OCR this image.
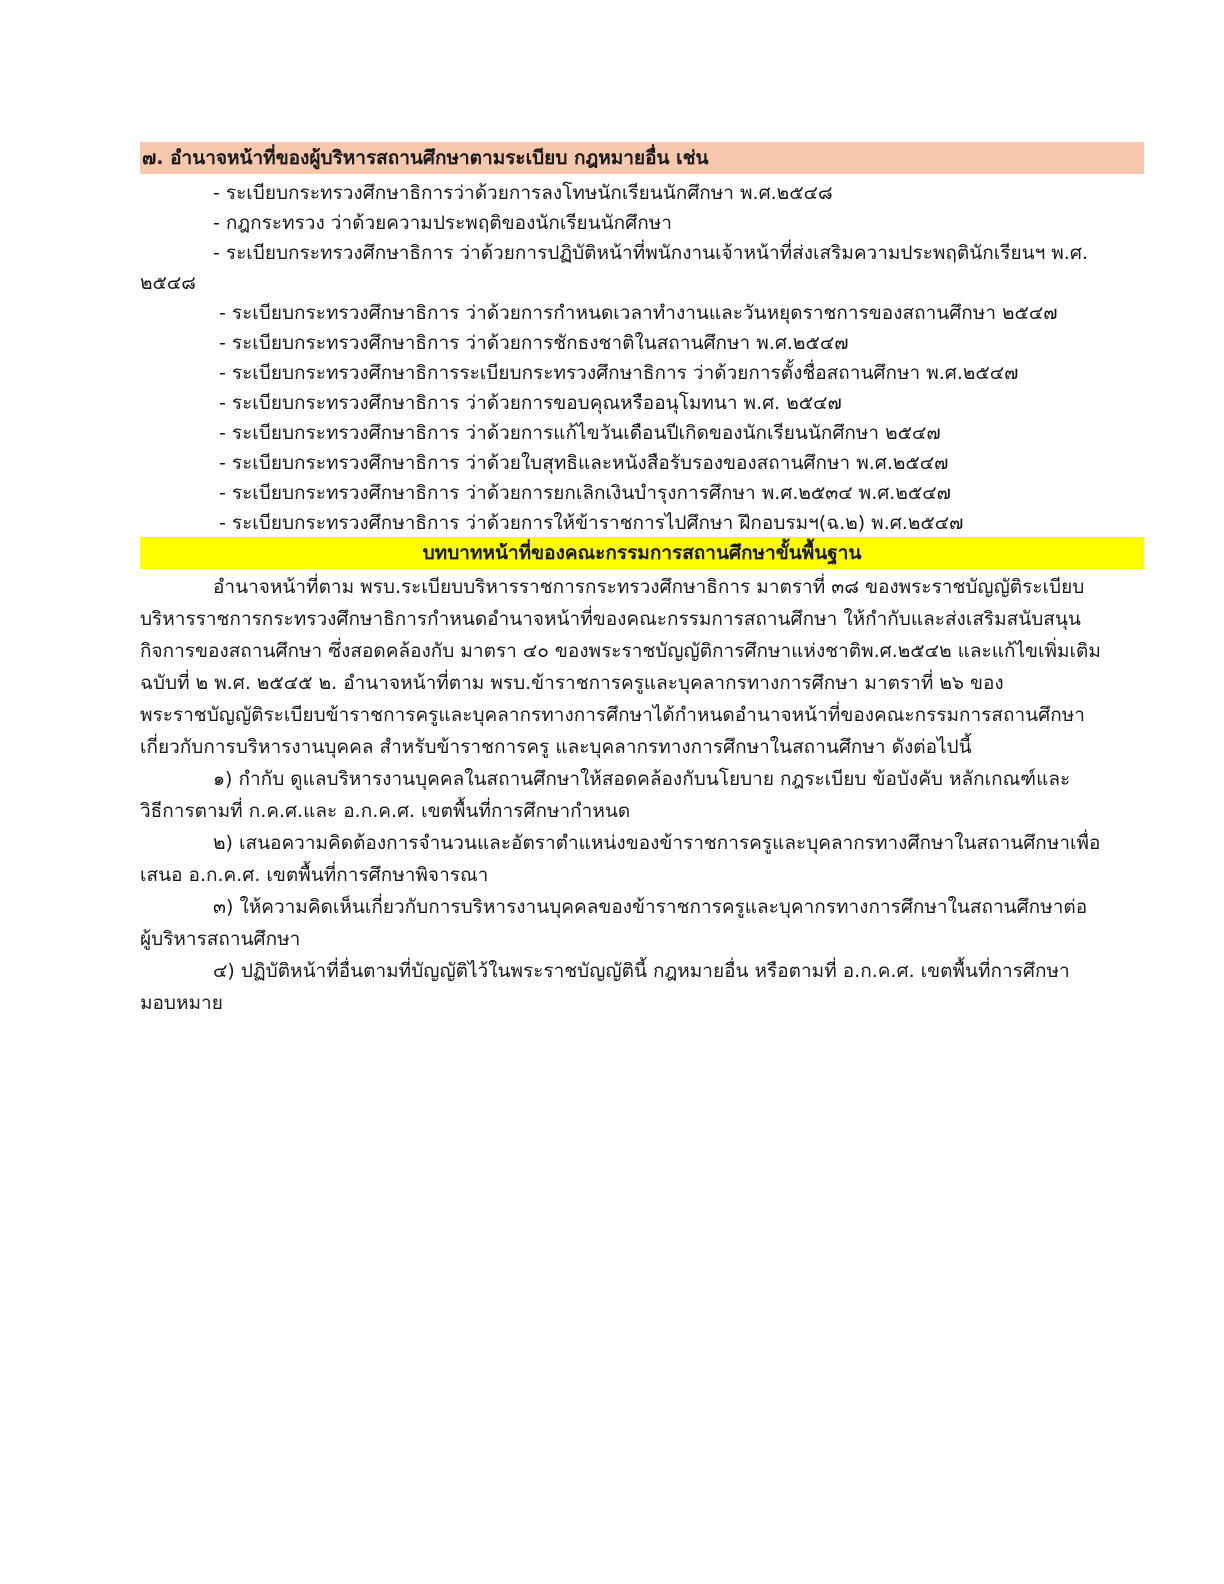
๗. อำนาจหน้าที่ของผู้บริหารสถานศึกษาตามระเบียบ กฎหมายอื่น เช่น
- ระเบียบกระทรวงศึกษาธิการว่าด้วยการลงโทษนักเรียนนักศึกษา พ.ศ.๒๕๔๘
- กฎกระทรวง ว่าด้วยความประพฤติของนักเรียนนักศึกษา
- ระเบียบกระทรวงศึกษาธิการ ว่าด้วยการปฏิบัติหน้าที่พนักงานเจ้าหน้าที่ส่งเสริมความประพฤตินักเรียนฯ พ.ศ.
๒๕๔๘
- ระเบียบกระทรวงศึกษาธิการ ว่าด้วยการกำหนดเวลาทำงานและวันหยุดราชการของสถานศึกษา ๒๕๔๗
- ระเบียบกระทรวงศึกษาธิการ ว่าด้วยการชักธงชาติในสถานศึกษา พ.ศ.๒๕๔๗
- ระเบียบกระทรวงศึกษาธิการระเบียบกระทรวงศึกษาธิการ ว่าด้วยการตั้งชื่อสถานศึกษา พ.ศ.๒๕๔๗
- ระเบียบกระทรวงศึกษาธิการ ว่าด้วยการขอบคุณหรืออนุโมทนา พ.ศ. ๒๕๔๗
- ระเบียบกระทรวงศึกษาธิการ ว่าด้วยการแก้ไขวันเดือนปีเกิดของนักเรียนนักศึกษา ๒๕๔๗
- ระเบียบกระทรวงศึกษาธิการ ว่าด้วยใบสุทธิและหนังสือรับรองของสถานศึกษา พ.ศ.๒๕๔๗
- ระเบียบกระทรวงศึกษาธิการ ว่าด้วยการยกเลิกเงินบำรุงการศึกษา พ.ศ.๒๕๓๔ พ.ศ.๒๕๔๗
- ระเบียบกระทรวงศึกษาธิการ ว่าด้วยการให้ข้าราชการไปศึกษา ฝึกอบรมฯ(ฉ.๒) พ.ศ.๒๕๔๗
บทบาทหน้าที่ของคณะกรรมการสถานศึกษาขั้นพื้นฐาน
อำนาจหน้าที่ตาม พรบ.ระเบียบบริหารราชการกระทรวงศึกษาธิการ มาตราที่ ๓๘ ของพระราชบัญญัติระเบียบ
บริหารราชการกระทรวงศึกษาธิการกำหนดอำนาจหน้าที่ของคณะกรรมการสถานศึกษา ให้กำกับและส่งเสริมสนับสนุน
กิจการของสถานศึกษา ซึ่งสอดคล้องกับ มาตรา ๔๐ ของพระราชบัญญัติการศึกษาแห่งชาติพ.ศ.๒๕๔๒ และแก้ไขเพิ่มเติม
ฉบับที่ ๒ พ.ศ. ๒๕๔๕ ๒. อำนาจหน้าที่ตาม พรบ.ข้าราชการครูและบุคลากรทางการศึกษา มาตราที่ ๒๖ ของ
พระราชบัญญัติระเบียบข้าราชการครูและบุคลากรทางการศึกษาได้กำหนดอำนาจหน้าที่ของคณะกรรมการสถานศึกษา
เกี่ยวกับการบริหารงานบุคคล สำหรับข้าราชการครู และบุคลากรทางการศึกษาในสถานศึกษา ดังต่อไปนี้
๑) กำกับ ดูแลบริหารงานบุคคลในสถานศึกษาให้สอดคล้องกับนโยบาย กฎระเบียบ ข้อบังคับ หลักเกณฑ์และ
วิธีการตามที่ ก.ค.ศ.และ อ.ก.ค.ศ. เขตพื้นที่การศึกษากำหนด
๒) เสนอความคิดต้องการจำนวนและอัตราตำแหน่งของข้าราชการครูและบุคลากรทางศึกษาในสถานศึกษาเพื่อ
เสนอ อ.ก.ค.ศ. เขตพื้นที่การศึกษาพิจารณา
๓) ให้ความคิดเห็นเกี่ยวกับการบริหารงานบุคคลของข้าราชการครูและบุคากรทางการศึกษาในสถานศึกษาต่อ
ผู้บริหารสถานศึกษา
๔) ปฏิบัติหน้าที่อื่นตามที่บัญญัติไว้ในพระราชบัญญัตินี้ กฎหมายอื่น หรือตามที่ อ.ก.ค.ศ. เขตพื้นที่การศึกษา
มอบหมาย
